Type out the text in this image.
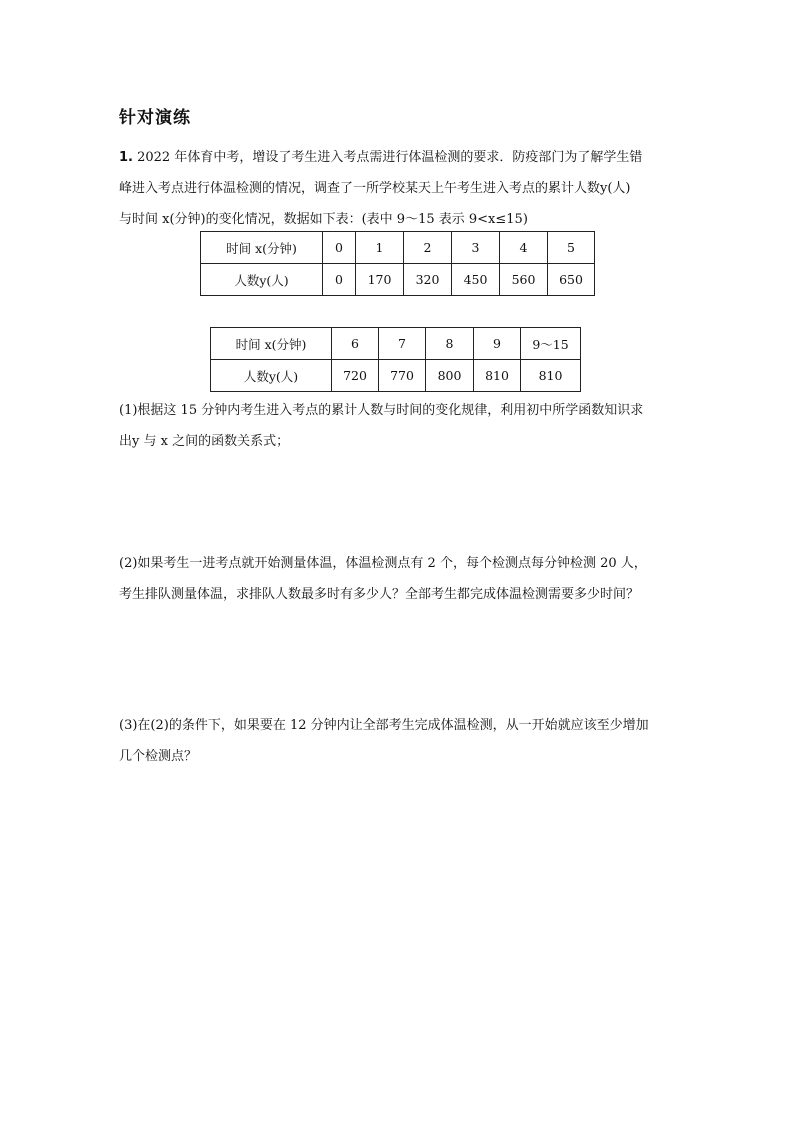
针对演练
1. 2022 年体育中考，增设了考生进入考点需进行体温检测的要求．防疫部门为了解学生错
峰进入考点进行体温检测的情况，调查了一所学校某天上午考生进入考点的累计人数y(人)
与时间 x(分钟)的变化情况，数据如下表：(表中 9～15 表示 9<x≤15)
时间 x(分钟)	0	1	2	3	4	5
人数y(人)	0	170	320	450	560	650
时间 x(分钟)	6	7	8	9	9～15
人数y(人)	720	770	800	810	810
(1)根据这 15 分钟内考生进入考点的累计人数与时间的变化规律，利用初中所学函数知识求
出y 与 x 之间的函数关系式；
(2)如果考生一进考点就开始测量体温，体温检测点有 2 个，每个检测点每分钟检测 20 人，
考生排队测量体温，求排队人数最多时有多少人？全部考生都完成体温检测需要多少时间？
(3)在(2)的条件下，如果要在 12 分钟内让全部考生完成体温检测，从一开始就应该至少增加
几个检测点？
